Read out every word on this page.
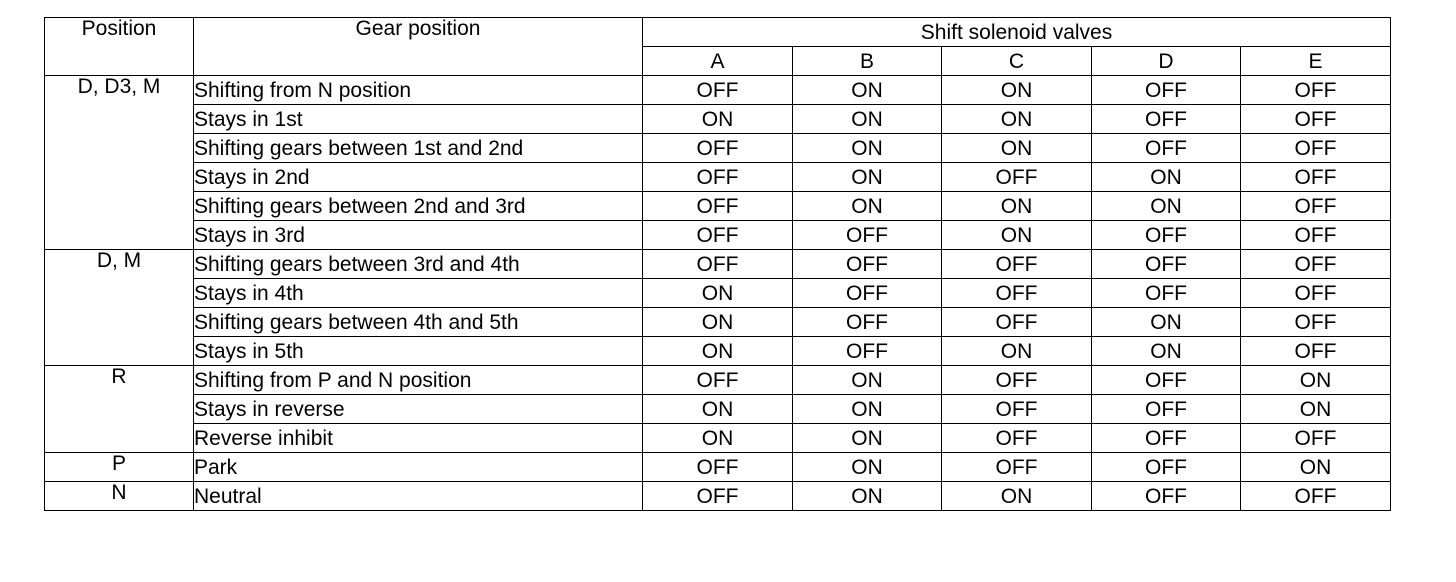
Position	Gear position	Shift solenoid valves				
		A	B	C	D	E
D, D3, M	Shifting from N position	OFF	ON	ON	OFF	OFF
	Stays in 1st	ON	ON	ON	OFF	OFF
	Shifting gears between 1st and 2nd	OFF	ON	ON	OFF	OFF
	Stays in 2nd	OFF	ON	OFF	ON	OFF
	Shifting gears between 2nd and 3rd	OFF	ON	ON	ON	OFF
	Stays in 3rd	OFF	OFF	ON	OFF	OFF
D, M	Shifting gears between 3rd and 4th	OFF	OFF	OFF	OFF	OFF
	Stays in 4th	ON	OFF	OFF	OFF	OFF
	Shifting gears between 4th and 5th	ON	OFF	OFF	ON	OFF
	Stays in 5th	ON	OFF	ON	ON	OFF
R	Shifting from P and N position	OFF	ON	OFF	OFF	ON
	Stays in reverse	ON	ON	OFF	OFF	ON
	Reverse inhibit	ON	ON	OFF	OFF	OFF
P	Park	OFF	ON	OFF	OFF	ON
N	Neutral	OFF	ON	ON	OFF	OFF
